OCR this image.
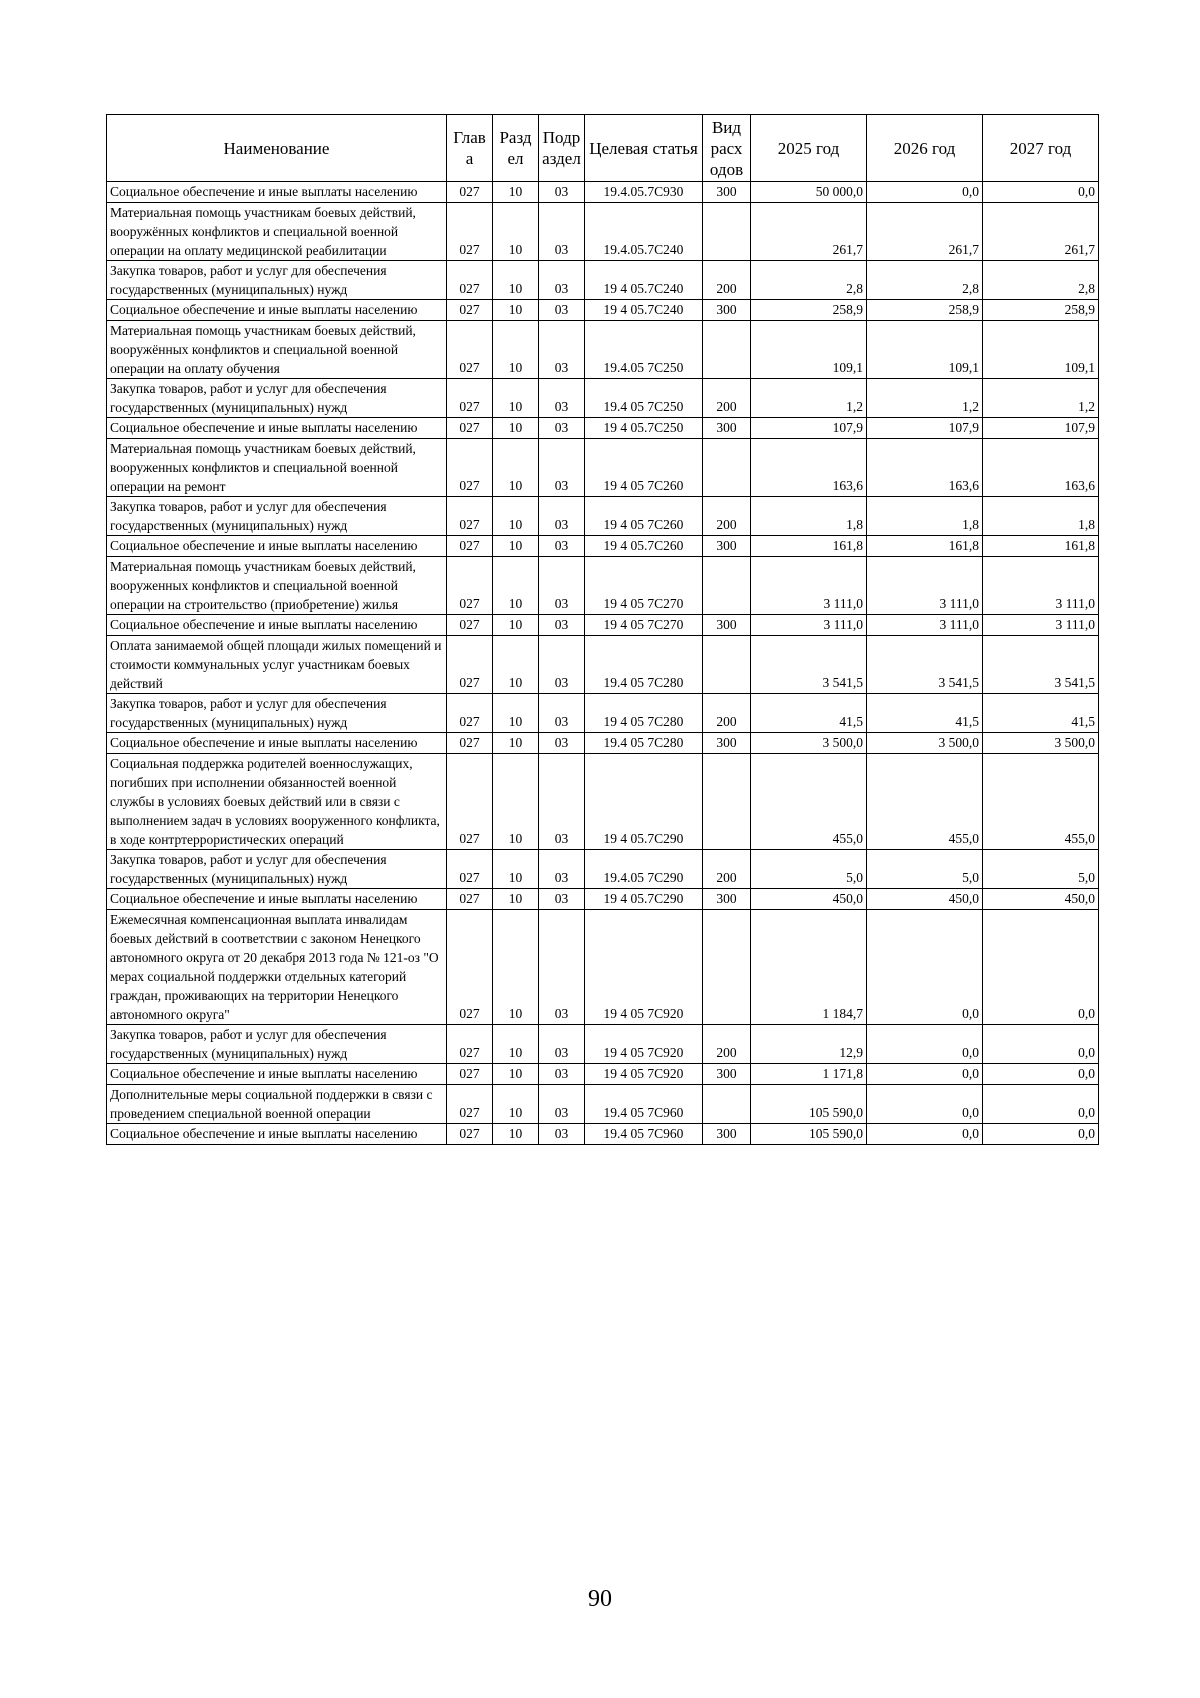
Наименование	Глав а	Разд ел	Подр аздел	Целевая статья	Вид расх одов	2025 год	2026 год	2027 год
Социальное обеспечение и иные выплаты населению	027	10	03	19.4.05.7С930	300	50 000,0	0,0	0,0
Материальная помощь участникам боевых действий, вооружённых конфликтов и специальной военной операции на оплату медицинской реабилитации	027	10	03	19.4.05.7С240		261,7	261,7	261,7
Закупка товаров, работ и услуг для обеспечения государственных (муниципальных) нужд	027	10	03	19 4 05.7С240	200	2,8	2,8	2,8
Социальное обеспечение и иные выплаты населению	027	10	03	19 4 05.7С240	300	258,9	258,9	258,9
Материальная помощь участникам боевых действий, вооружённых конфликтов и специальной военной операции на оплату обучения	027	10	03	19.4.05 7С250		109,1	109,1	109,1
Закупка товаров, работ и услуг для обеспечения государственных (муниципальных) нужд	027	10	03	19.4 05 7С250	200	1,2	1,2	1,2
Социальное обеспечение и иные выплаты населению	027	10	03	19 4 05.7С250	300	107,9	107,9	107,9
Материальная помощь участникам боевых действий, вооруженных конфликтов и специальной военной операции на ремонт	027	10	03	19 4 05 7С260		163,6	163,6	163,6
Закупка товаров, работ и услуг для обеспечения государственных (муниципальных) нужд	027	10	03	19 4 05 7С260	200	1,8	1,8	1,8
Социальное обеспечение и иные выплаты населению	027	10	03	19 4 05.7С260	300	161,8	161,8	161,8
Материальная помощь участникам боевых действий, вооруженных конфликтов и специальной военной операции на строительство (приобретение) жилья	027	10	03	19 4 05 7С270		3 111,0	3 111,0	3 111,0
Социальное обеспечение и иные выплаты населению	027	10	03	19 4 05 7С270	300	3 111,0	3 111,0	3 111,0
Оплата занимаемой общей площади жилых помещений и стоимости коммунальных услуг участникам боевых действий	027	10	03	19.4 05 7С280		3 541,5	3 541,5	3 541,5
Закупка товаров, работ и услуг для обеспечения государственных (муниципальных) нужд	027	10	03	19 4 05 7С280	200	41,5	41,5	41,5
Социальное обеспечение и иные выплаты населению	027	10	03	19.4 05 7С280	300	3 500,0	3 500,0	3 500,0
Социальная поддержка родителей военнослужащих, погибших при исполнении обязанностей военной службы в условиях боевых действий или в связи с выполнением задач в условиях вооруженного конфликта, в ходе контртеррористических операций	027	10	03	19 4 05.7С290		455,0	455,0	455,0
Закупка товаров, работ и услуг для обеспечения государственных (муниципальных) нужд	027	10	03	19.4.05 7С290	200	5,0	5,0	5,0
Социальное обеспечение и иные выплаты населению	027	10	03	19 4 05.7С290	300	450,0	450,0	450,0
Ежемесячная компенсационная выплата инвалидам боевых действий в соответствии с законом Ненецкого автономного округа от 20 декабря 2013 года № 121-оз "О мерах социальной поддержки отдельных категорий граждан, проживающих на территории Ненецкого автономного округа"	027	10	03	19 4 05 7С920		1 184,7	0,0	0,0
Закупка товаров, работ и услуг для обеспечения государственных (муниципальных) нужд	027	10	03	19 4 05 7С920	200	12,9	0,0	0,0
Социальное обеспечение и иные выплаты населению	027	10	03	19 4 05 7С920	300	1 171,8	0,0	0,0
Дополнительные меры социальной поддержки в связи с проведением специальной военной операции	027	10	03	19.4 05 7С960		105 590,0	0,0	0,0
Социальное обеспечение и иные выплаты населению	027	10	03	19.4 05 7С960	300	105 590,0	0,0	0,0
90
